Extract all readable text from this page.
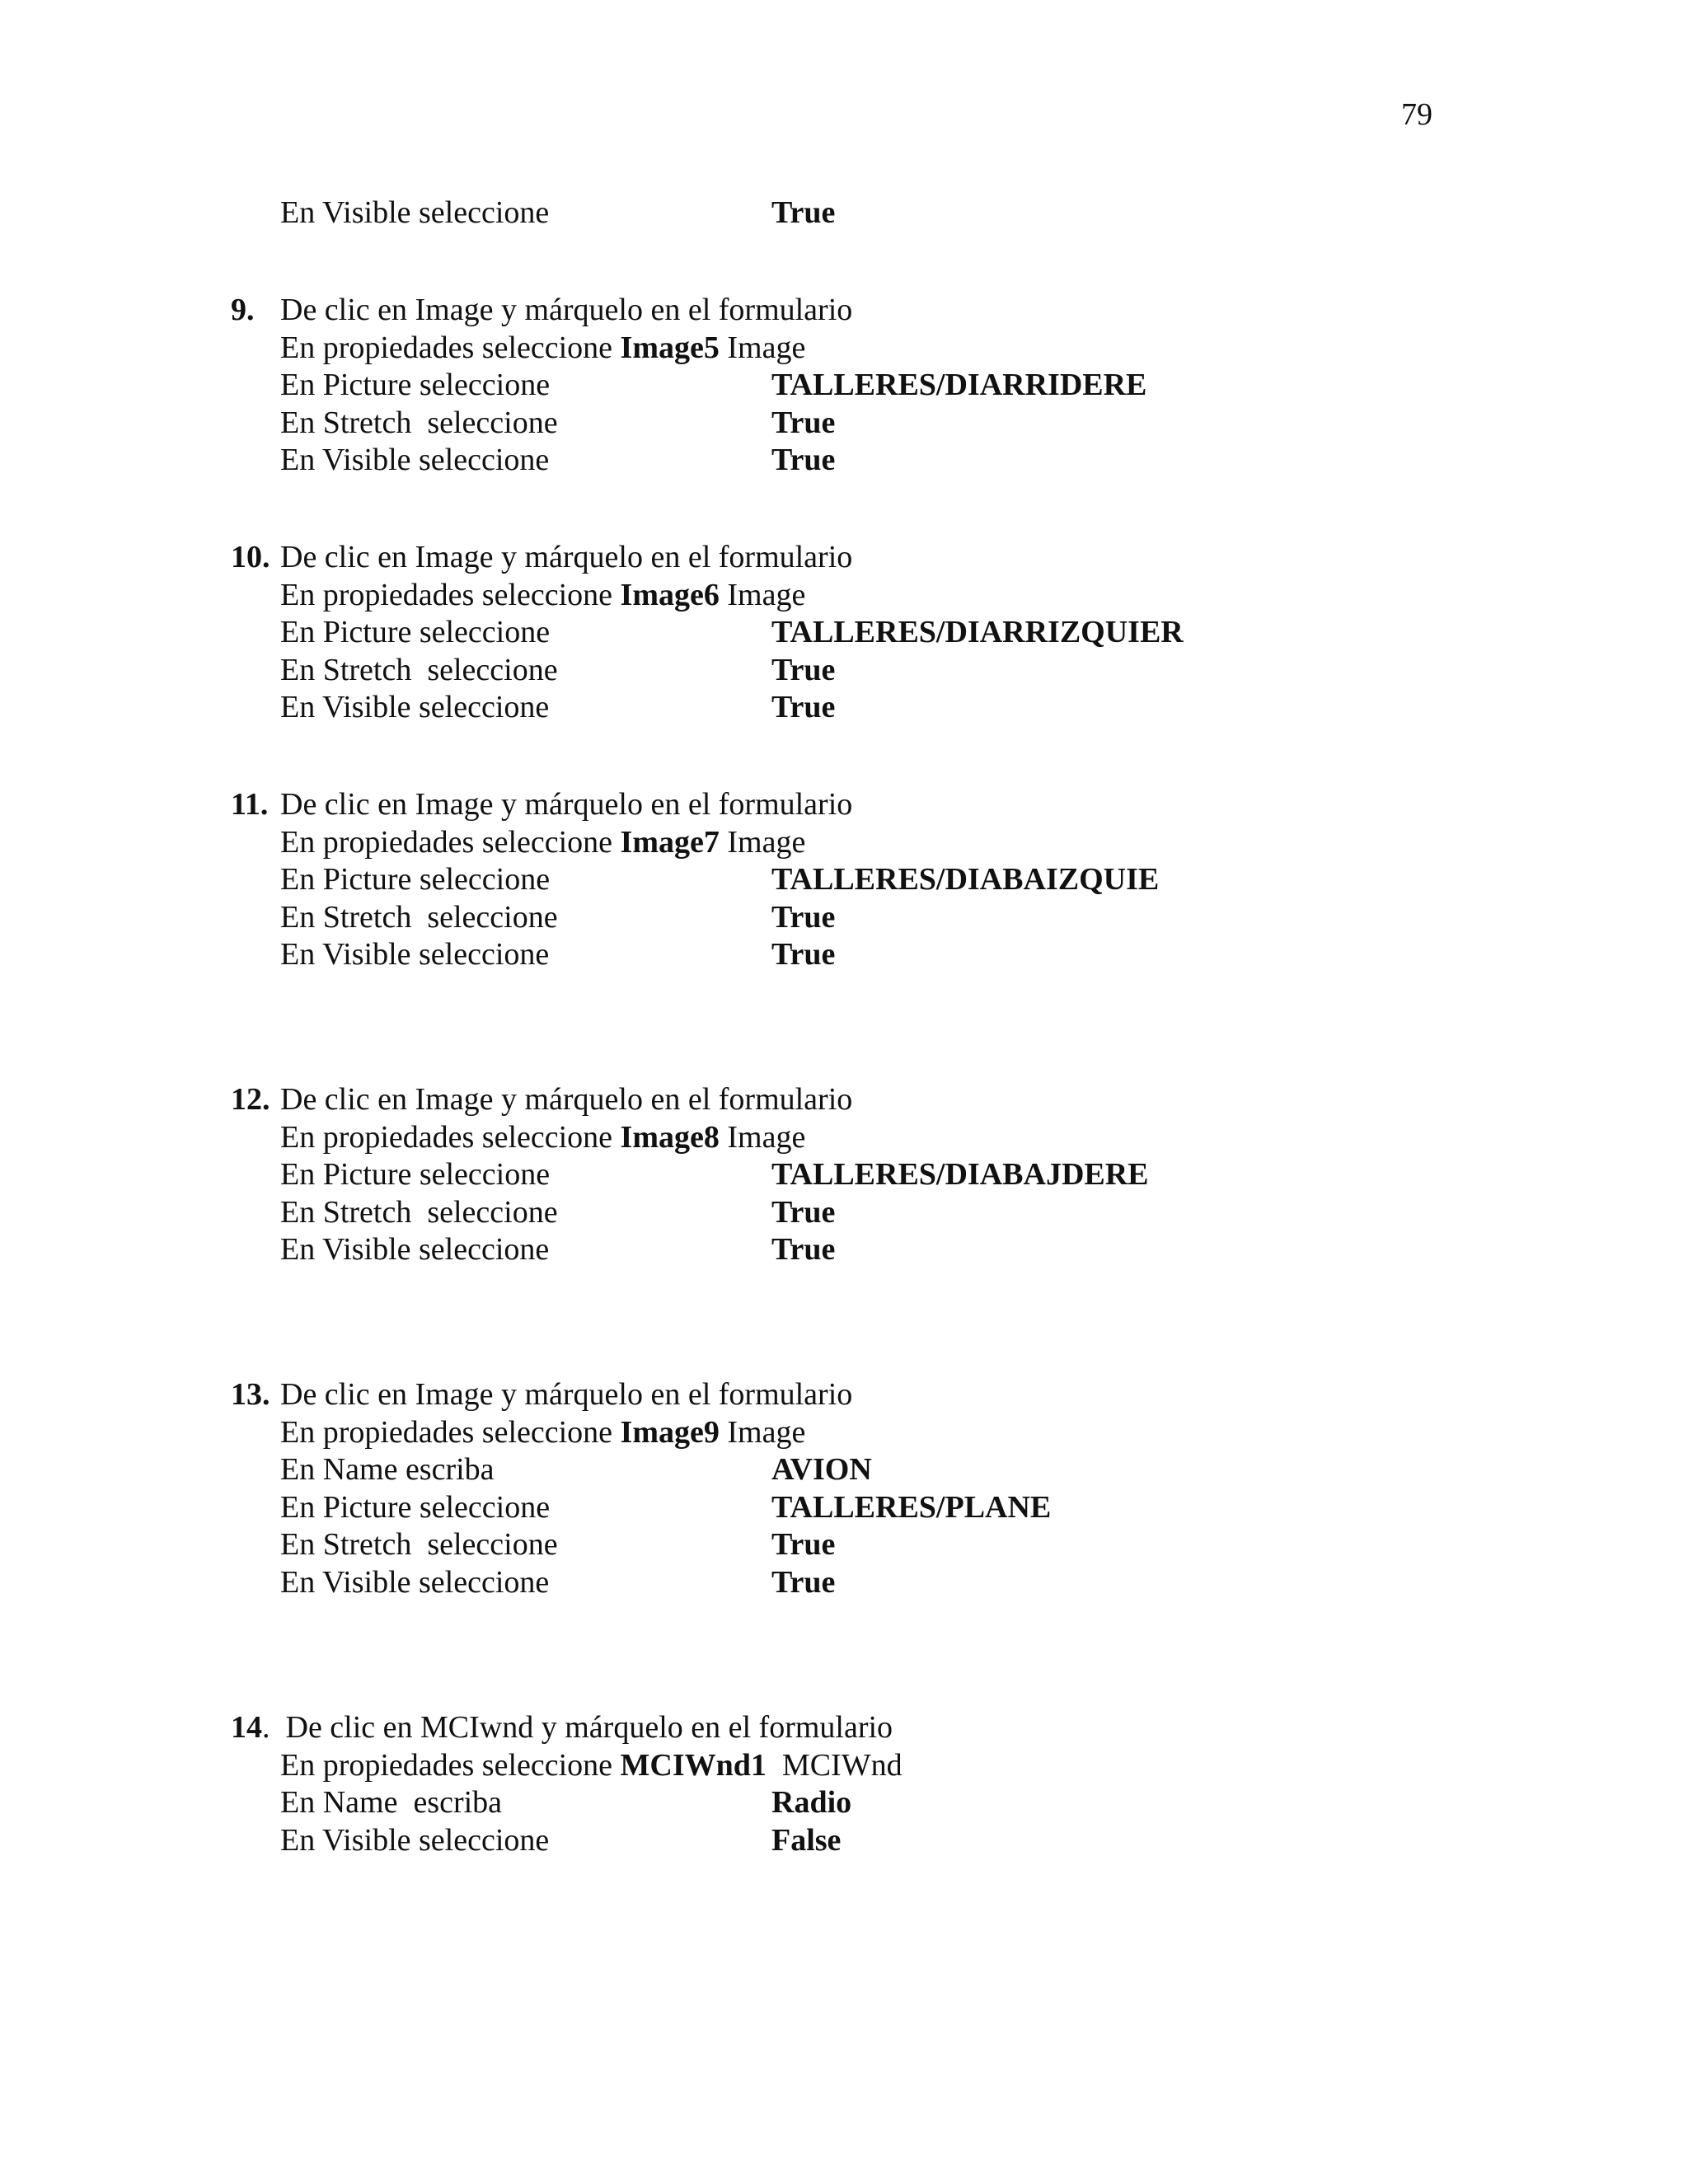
79
En Visible seleccione	True
9. De clic en Image y márquelo en el formulario
En propiedades seleccione Image5 Image
En Picture seleccione	TALLERES/DIARRIDERE
En Stretch  seleccione	True
En Visible seleccione	True
10. De clic en Image y márquelo en el formulario
En propiedades seleccione Image6 Image
En Picture seleccione	TALLERES/DIARRIZQUIER
En Stretch  seleccione	True
En Visible seleccione	True
11. De clic en Image y márquelo en el formulario
En propiedades seleccione Image7 Image
En Picture seleccione	TALLERES/DIABAIZQUIE
En Stretch  seleccione	True
En Visible seleccione	True
12. De clic en Image y márquelo en el formulario
En propiedades seleccione Image8 Image
En Picture seleccione	TALLERES/DIABAJDERE
En Stretch  seleccione	True
En Visible seleccione	True
13. De clic en Image y márquelo en el formulario
En propiedades seleccione Image9 Image
En Name escriba	AVION
En Picture seleccione	TALLERES/PLANE
En Stretch  seleccione	True
En Visible seleccione	True
14.  De clic en MCIwnd y márquelo en el formulario
En propiedades seleccione MCIWnd1  MCIWnd
En Name  escriba	Radio
En Visible seleccione	False
